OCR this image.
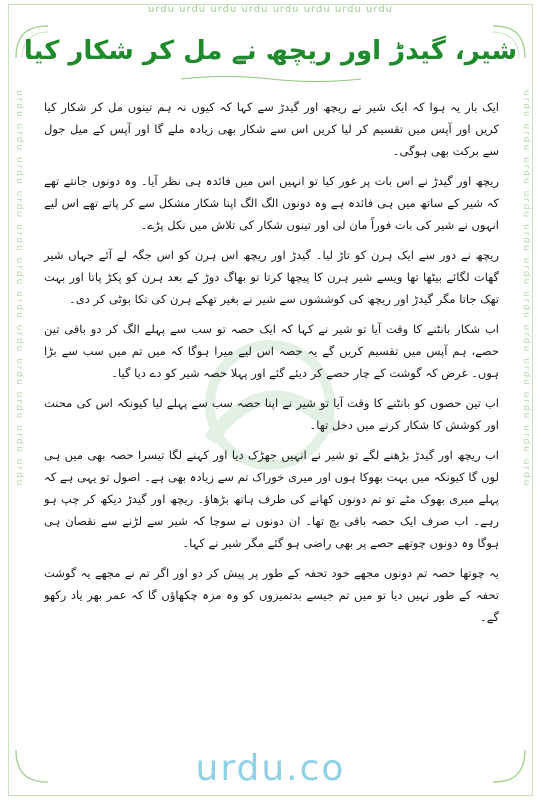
urdu urdu urdu urdu urdu urdu urdu urdu
urdu urdu urdu urdu urdu urdu urdu urdu urdu urdu urdu urdu	urdu urdu urdu urdu urdu urdu urdu urdu urdu urdu urdu urdu
شیر، گیدڑ اور ریچھ نے مل کر شکار کیا

ایک بار یہ ہوا کہ ایک شیر نے ریچھ اور گیدڑ سے کہا کہ کیوں نہ ہم تینوں مل کر شکار کیا کریں اور آپس میں تقسیم کر لیا کریں اس سے شکار بھی زیادہ ملے گا اور آپس کے میل جول سے برکت بھی ہوگی۔

ریچھ اور گیدڑ نے اس بات پر غور کیا تو انہیں اس میں فائدہ ہی نظر آیا۔ وہ دونوں جانتے تھے کہ شیر کے ساتھ میں ہی فائدہ ہے وہ دونوں الگ الگ اپنا شکار مشکل سے کر پاتے تھے اس لیے انہوں نے شیر کی بات فوراً مان لی اور تینوں شکار کی تلاش میں نکل پڑے۔

ریچھ نے دور سے ایک ہرن کو تاڑ لیا۔ گیدڑ اور ریچھ اس ہرن کو اس جگہ لے آئے جہاں شیر گھات لگائے بیٹھا تھا ویسے شیر ہرن کا پیچھا کرتا تو بھاگ دوڑ کے بعد ہرن کو پکڑ پاتا اور بہت تھک جاتا مگر گیدڑ اور ریچھ کی کوششوں سے شیر نے بغیر تھکے ہرن کی تکا بوٹی کر دی۔

اب شکار بانٹنے کا وقت آیا تو شیر نے کہا کہ ایک حصہ تو سب سے پہلے الگ کر دو باقی تین حصے، ہم آپس میں تقسیم کریں گے یہ حصہ اس لیے میرا ہوگا کہ میں تم میں سب سے بڑا ہوں۔ غرض کہ گوشت کے چار حصے کر دیئے گئے اور پہلا حصہ شیر کو دے دیا گیا۔

اب تین حصوں کو بانٹنے کا وقت آیا تو شیر نے اپنا حصہ سب سے پہلے لیا کیونکہ اس کی محنت اور کوشش کا شکار کرنے میں دخل تھا۔

اب ریچھ اور گیدڑ بڑھنے لگے تو شیر نے انہیں جھڑک دیا اور کہنے لگا تیسرا حصہ بھی میں ہی لوں گا کیونکہ میں بہت بھوکا ہوں اور میری خوراک تم سے زیادہ بھی ہے۔ اصول تو یہی ہے کہ پہلے میری بھوک مٹے تو تم دونوں کھانے کی طرف ہاتھ بڑھاؤ۔ ریچھ اور گیدڑ دیکھ کر چپ ہو رہے۔ اب صرف ایک حصہ باقی بچ تھا۔ ان دونوں نے سوچا کہ شیر سے لڑنے سے نقصان ہی ہوگا وہ دونوں چوتھے حصے پر بھی راضی ہو گئے مگر شیر نے کہا۔

یہ چوتھا حصہ تم دونوں مجھے خود تحفہ کے طور پر پیش کر دو اور اگر تم نے مجھے یہ گوشت تحفہ کے طور نہیں دیا تو میں تم جیسے بدتمیزوں کو وہ مزہ چکھاؤں گا کہ عمر بھر یاد رکھو گے۔

urdu.co
